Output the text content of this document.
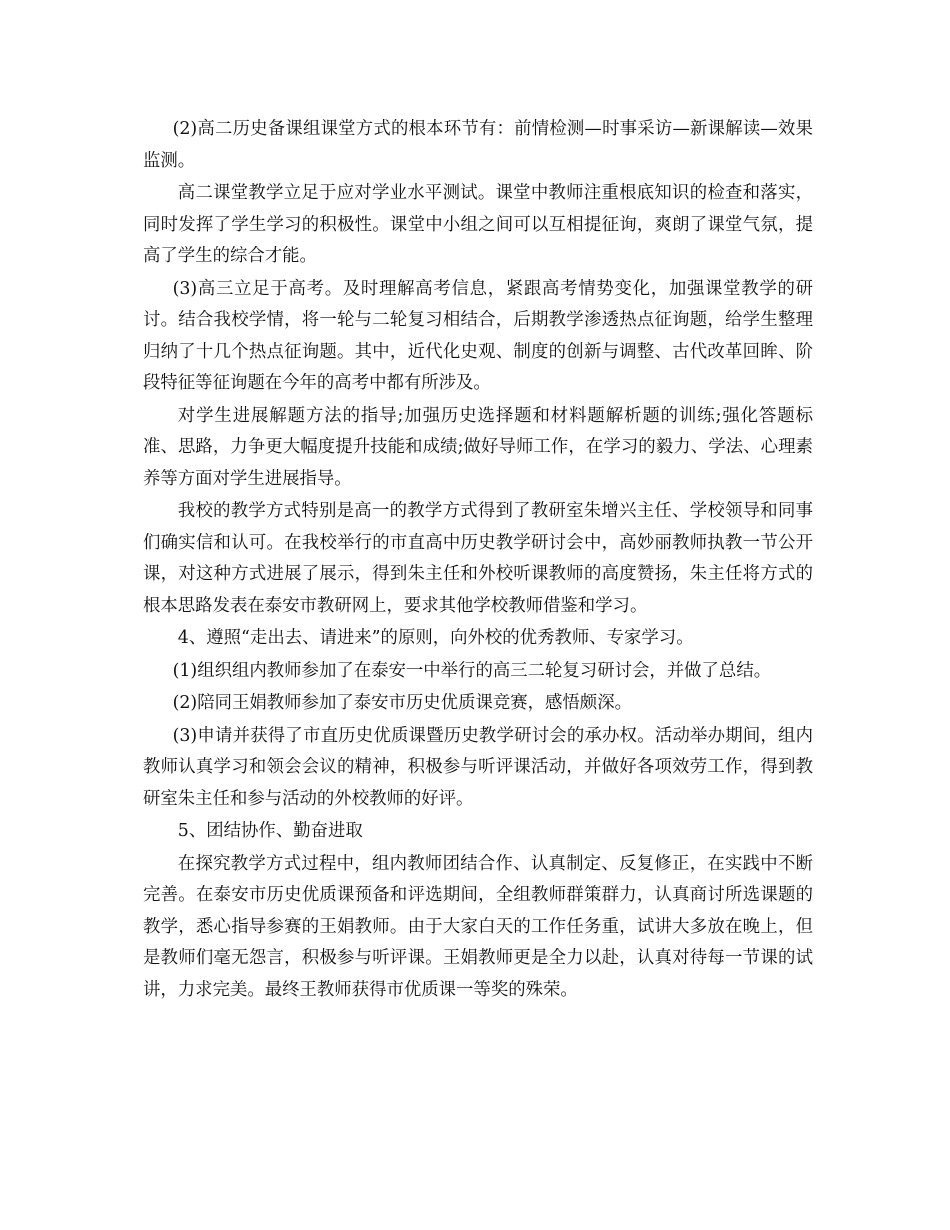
(2)高二历史备课组课堂方式的根本环节有：前情检测—时事采访—新课解读—效果监测。

高二课堂教学立足于应对学业水平测试。课堂中教师注重根底知识的检查和落实，同时发挥了学生学习的积极性。课堂中小组之间可以互相提征询，爽朗了课堂气氛，提高了学生的综合才能。

(3)高三立足于高考。及时理解高考信息，紧跟高考情势变化，加强课堂教学的研讨。结合我校学情，将一轮与二轮复习相结合，后期教学渗透热点征询题，给学生整理归纳了十几个热点征询题。其中，近代化史观、制度的创新与调整、古代改革回眸、阶段特征等征询题在今年的高考中都有所涉及。

对学生进展解题方法的指导;加强历史选择题和材料题解析题的训练;强化答题标准、思路，力争更大幅度提升技能和成绩;做好导师工作，在学习的毅力、学法、心理素养等方面对学生进展指导。

我校的教学方式特别是高一的教学方式得到了教研室朱增兴主任、学校领导和同事们确实信和认可。在我校举行的市直高中历史教学研讨会中，高妙丽教师执教一节公开课，对这种方式进展了展示，得到朱主任和外校听课教师的高度赞扬，朱主任将方式的根本思路发表在泰安市教研网上，要求其他学校教师借鉴和学习。

4、遵照“走出去、请进来”的原则，向外校的优秀教师、专家学习。

(1)组织组内教师参加了在泰安一中举行的高三二轮复习研讨会，并做了总结。

(2)陪同王娟教师参加了泰安市历史优质课竞赛，感悟颇深。

(3)申请并获得了市直历史优质课暨历史教学研讨会的承办权。活动举办期间，组内教师认真学习和领会会议的精神，积极参与听评课活动，并做好各项效劳工作，得到教研室朱主任和参与活动的外校教师的好评。

5、团结协作、勤奋进取

在探究教学方式过程中，组内教师团结合作、认真制定、反复修正，在实践中不断完善。在泰安市历史优质课预备和评选期间，全组教师群策群力，认真商讨所选课题的教学，悉心指导参赛的王娟教师。由于大家白天的工作任务重，试讲大多放在晚上，但是教师们毫无怨言，积极参与听评课。王娟教师更是全力以赴，认真对待每一节课的试讲，力求完美。最终王教师获得市优质课一等奖的殊荣。
